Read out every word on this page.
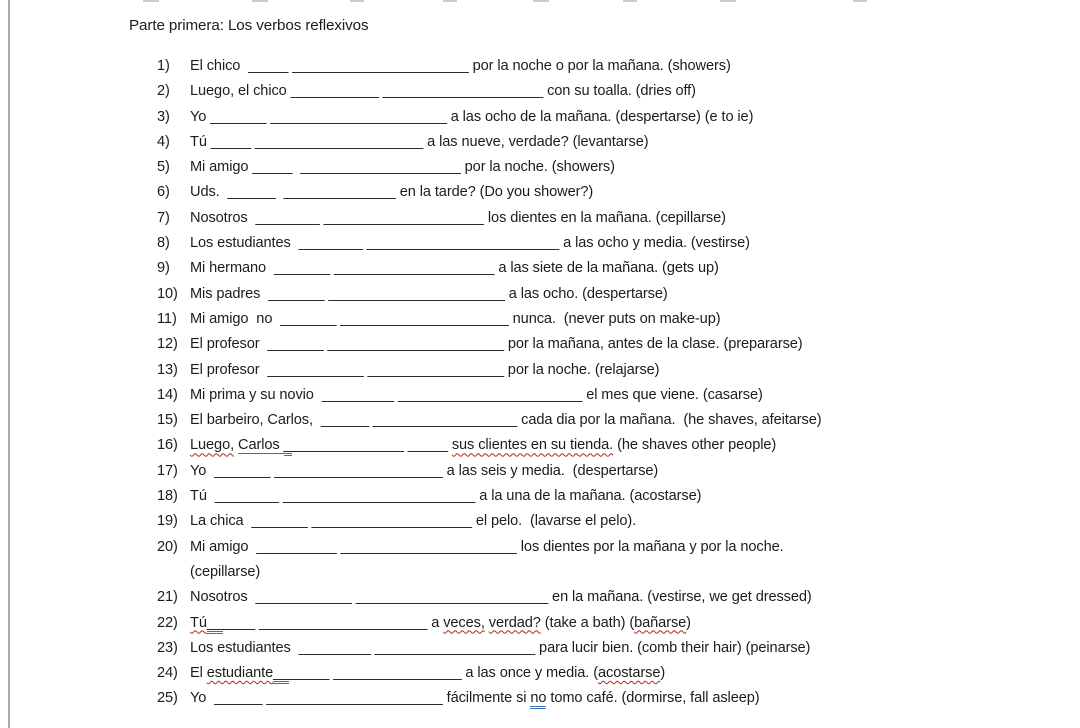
Parte primera: Los verbos reflexivos
1)	El chico  _____ ______________________ por la noche o por la mañana. (showers)
2)	Luego, el chico ___________ ____________________ con su toalla. (dries off)
3)	Yo _______ ______________________ a las ocho de la mañana. (despertarse) (e to ie)
4)	Tú _____ _____________________ a las nueve, verdade? (levantarse)
5)	Mi amigo _____ ____________________ por la noche. (showers)
6)	Uds.  ______ ______________ en la tarde? (Do you shower?)
7)	Nosotros  ________ ____________________ los dientes en la mañana. (cepillarse)
8)	Los estudiantes  ________ ________________________ a las ocho y media. (vestirse)
9)	Mi hermano  _______ ____________________ a las siete de la mañana. (gets up)
10) Mis padres  _______ ______________________ a las ocho. (despertarse)
11) Mi amigo  no  _______ _____________________ nunca.  (never puts on make-up)
12) El profesor  _______ ______________________ por la mañana, antes de la clase. (prepararse)
13) El profesor  ____________ _________________ por la noche. (relajarse)
14) Mi prima y su novio  _________ _______________________ el mes que viene. (casarse)
15) El barbeiro, Carlos,  ______ __________________ cada dia por la mañana.  (he shaves, afeitarse)
16) Luego, Carlos _______________ _____ sus clientes en su tienda. (he shaves other people)
17) Yo  _______ _____________________ a las seis y media.  (despertarse)
18) Tú  ________ ________________________ a la una de la mañana. (acostarse)
19) La chica  _______ ____________________ el pelo.  (lavarse el pelo).
20) Mi amigo  __________ ______________________ los dientes por la mañana y por la noche.
(cepillarse)
21) Nosotros  ____________ ________________________ en la mañana. (vestirse, we get dressed)
22) Tú______ _____________________ a veces, verdad? (take a bath) (bañarse)
23) Los estudiantes  _________ ____________________ para lucir bien. (comb their hair) (peinarse)
24) El estudiante_______ ________________ a las once y media. (acostarse)
25) Yo  ______ ______________________ fácilmente si no tomo café. (dormirse, fall asleep)
